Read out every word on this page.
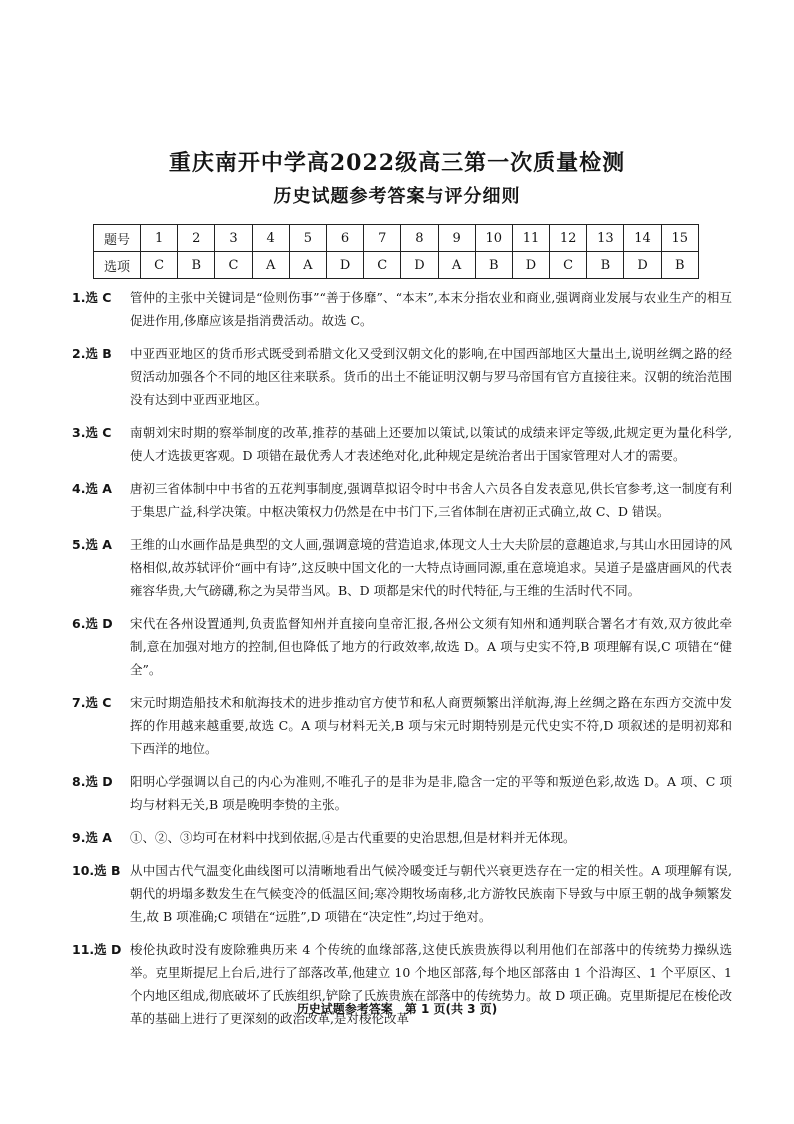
重庆南开中学高2022级高三第一次质量检测
历史试题参考答案与评分细则
题号	1	2	3	4	5	6	7	8	9	10	11	12	13	14	15
选项	C	B	C	A	A	D	C	D	A	B	D	C	B	D	B
1.选 C	管仲的主张中关键词是“俭则伤事”“善于侈靡”、“本末”,本末分指农业和商业,强调商业发展与农业生产的相互促进作用,侈靡应该是指消费活动。故选 C。
2.选 B	中亚西亚地区的货币形式既受到希腊文化又受到汉朝文化的影响,在中国西部地区大量出土,说明丝绸之路的经贸活动加强各个不同的地区往来联系。货币的出土不能证明汉朝与罗马帝国有官方直接往来。汉朝的统治范围没有达到中亚西亚地区。
3.选 C	南朝刘宋时期的察举制度的改革,推荐的基础上还要加以策试,以策试的成绩来评定等级,此规定更为量化科学,使人才选拔更客观。D 项错在最优秀人才表述绝对化,此种规定是统治者出于国家管理对人才的需要。
4.选 A	唐初三省体制中中书省的五花判事制度,强调草拟诏令时中书舍人六员各自发表意见,供长官参考,这一制度有利于集思广益,科学决策。中枢决策权力仍然是在中书门下,三省体制在唐初正式确立,故 C、D 错误。
5.选 A	王维的山水画作品是典型的文人画,强调意境的营造追求,体现文人士大夫阶层的意趣追求,与其山水田园诗的风格相似,故苏轼评价“画中有诗”,这反映中国文化的一大特点诗画同源,重在意境追求。吴道子是盛唐画风的代表雍容华贵,大气磅礴,称之为吴带当风。B、D 项都是宋代的时代特征,与王维的生活时代不同。
6.选 D	宋代在各州设置通判,负责监督知州并直接向皇帝汇报,各州公文须有知州和通判联合署名才有效,双方彼此牵制,意在加强对地方的控制,但也降低了地方的行政效率,故选 D。A 项与史实不符,B 项理解有误,C 项错在“健全”。
7.选 C	宋元时期造船技术和航海技术的进步推动官方使节和私人商贾频繁出洋航海,海上丝绸之路在东西方交流中发挥的作用越来越重要,故选 C。A 项与材料无关,B 项与宋元时期特别是元代史实不符,D 项叙述的是明初郑和下西洋的地位。
8.选 D	阳明心学强调以自己的内心为准则,不唯孔子的是非为是非,隐含一定的平等和叛逆色彩,故选 D。A 项、C 项均与材料无关,B 项是晚明李贽的主张。
9.选 A	①、②、③均可在材料中找到依据,④是古代重要的史治思想,但是材料并无体现。
10.选 B 从中国古代气温变化曲线图可以清晰地看出气候冷暖变迁与朝代兴衰更迭存在一定的相关性。A 项理解有误,朝代的坍塌多数发生在气候变冷的低温区间;寒冷期牧场南移,北方游牧民族南下导致与中原王朝的战争频繁发生,故 B 项准确;C 项错在“远胜”,D 项错在“决定性”,均过于绝对。
11.选 D 梭伦执政时没有废除雅典历来 4 个传统的血缘部落,这使氏族贵族得以利用他们在部落中的传统势力操纵选举。克里斯提尼上台后,进行了部落改革,他建立 10 个地区部落,每个地区部落由 1 个沿海区、1 个平原区、1 个内地区组成,彻底破坏了氏族组织,铲除了氏族贵族在部落中的传统势力。故 D 项正确。克里斯提尼在梭伦改革的基础上进行了更深刻的政治改革,是对梭伦改革
历史试题参考答案　第 1 页(共 3 页)
